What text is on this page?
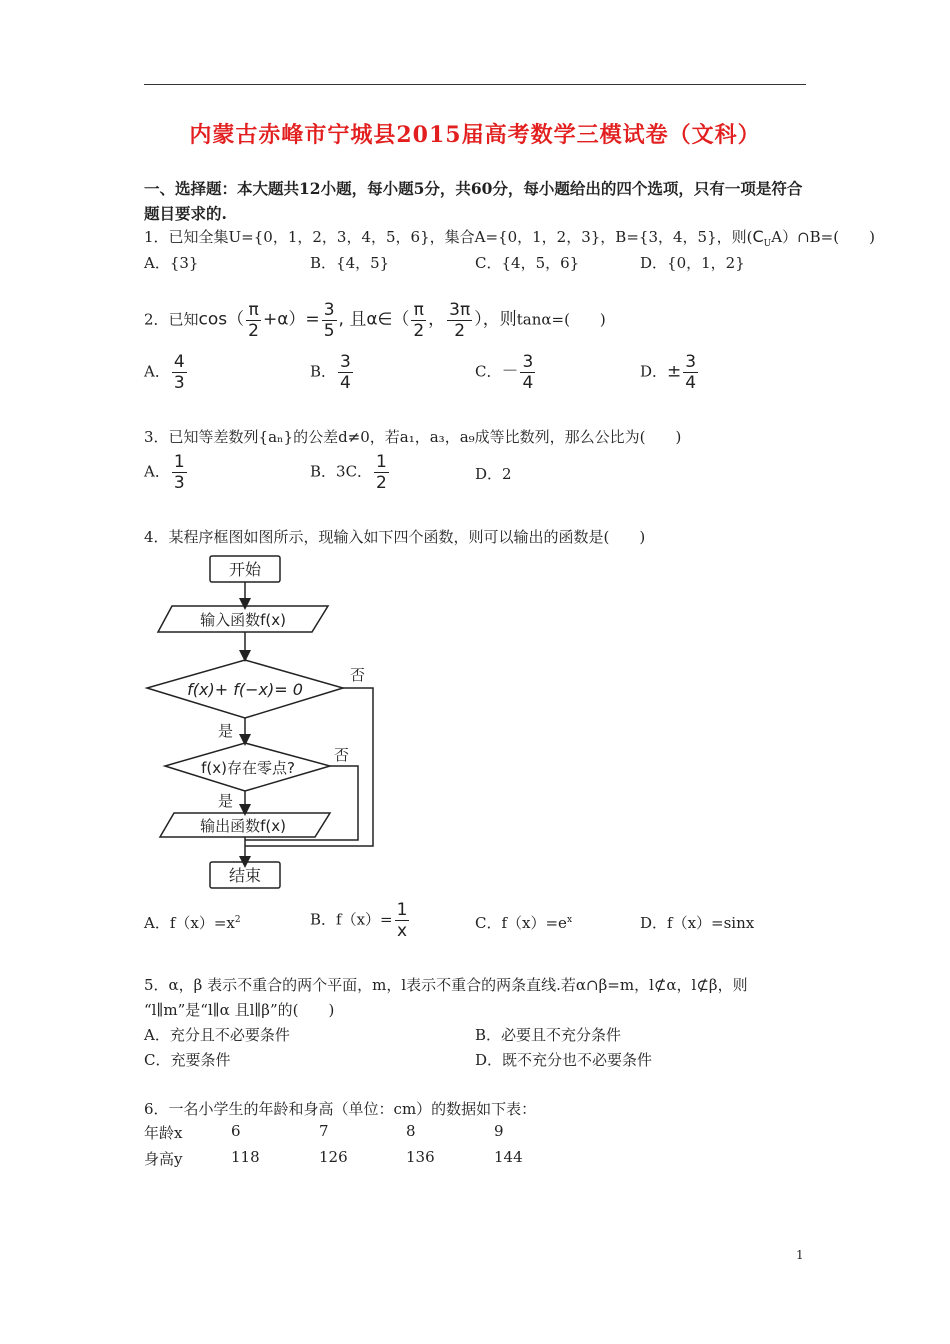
内蒙古赤峰市宁城县2015届高考数学三模试卷（文科）
一、选择题：本大题共12小题，每小题5分，共60分，每小题给出的四个选项，只有一项是符合题目要求的.
1．已知全集U={0，1，2，3，4，5，6}，集合A={0，1，2，3}，B={3，4，5}，则$(C_UA)\cap B=$(　　)
A．{3}	B．{4，5}	C．{4，5，6}	D．{0，1，2}
2．已知$\cos( \frac{\pi}{2} +\alpha)= \frac{3}{5}$ , 且α∈（ $\frac{\pi}{2}$ ， $\frac{3\pi}{2}$ ），则tanα=(　　)
A． $\frac{4}{3}$	B． $\frac{3}{4}$	C．－ $\frac{3}{4}$	D．± $\frac{3}{4}$
3．已知等差数列{aₙ}的公差d≠0，若a₁，a₃，a₉成等比数列，那么公比为(　　)
A． $\frac{1}{3}$	B．3C． $\frac{1}{2}$	D．2
4．某程序框图如图所示，现输入如下四个函数，则可以输出的函数是(　　)
开始
输入函数f(x)
f(x)+ f(−x)= 0
f(x)存在零点?
输出函数f(x)
结束
是
是
否
否
A．$f(x)=x^2$	B．$f(x)= \frac{1}{x}$	C．$f(x)=e^x$	D．f（x）=sinx
5．α，β 表示不重合的两个平面，m，l表示不重合的两条直线.若α∩β=m，l⊄α，l⊄β，则
“l∥m”是“l∥α 且l∥β”的(　　)
A．充分且不必要条件	B．必要且不充分条件
C．充要条件	D．既不充分也不必要条件
6．一名小学生的年龄和身高（单位：cm）的数据如下表：
年龄x	6	7	8	9
身高y	118	126	136	144
1
